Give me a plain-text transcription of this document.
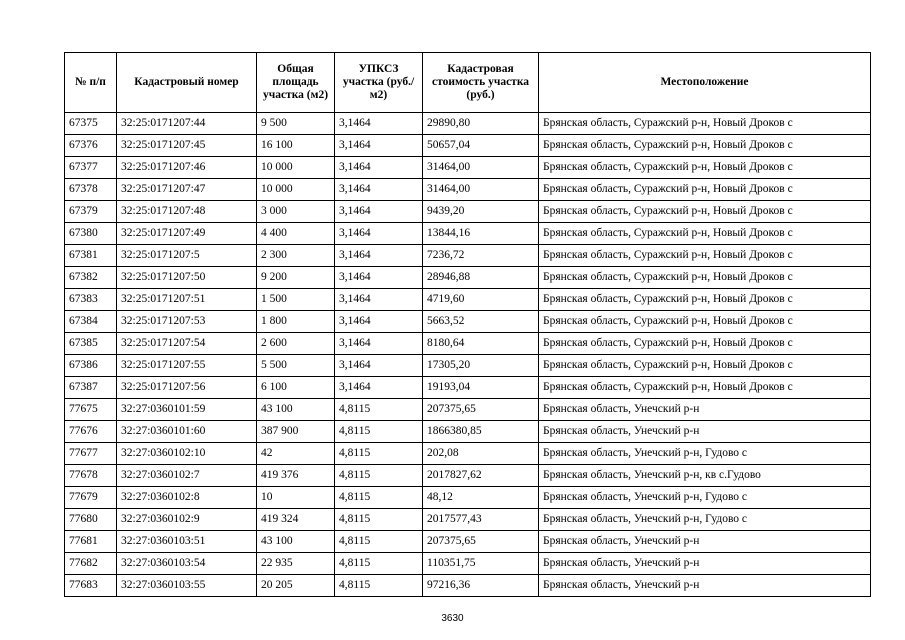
№ п/п	Кадастровый номер	Общая площадь участка (м2)	УПКСЗ участка (руб./м2)	Кадастровая стоимость участка (руб.)	Местоположение
67375	32:25:0171207:44	9 500	3,1464	29890,80	Брянская область, Суражский р-н, Новый Дроков с
67376	32:25:0171207:45	16 100	3,1464	50657,04	Брянская область, Суражский р-н, Новый Дроков с
67377	32:25:0171207:46	10 000	3,1464	31464,00	Брянская область, Суражский р-н, Новый Дроков с
67378	32:25:0171207:47	10 000	3,1464	31464,00	Брянская область, Суражский р-н, Новый Дроков с
67379	32:25:0171207:48	3 000	3,1464	9439,20	Брянская область, Суражский р-н, Новый Дроков с
67380	32:25:0171207:49	4 400	3,1464	13844,16	Брянская область, Суражский р-н, Новый Дроков с
67381	32:25:0171207:5	2 300	3,1464	7236,72	Брянская область, Суражский р-н, Новый Дроков с
67382	32:25:0171207:50	9 200	3,1464	28946,88	Брянская область, Суражский р-н, Новый Дроков с
67383	32:25:0171207:51	1 500	3,1464	4719,60	Брянская область, Суражский р-н, Новый Дроков с
67384	32:25:0171207:53	1 800	3,1464	5663,52	Брянская область, Суражский р-н, Новый Дроков с
67385	32:25:0171207:54	2 600	3,1464	8180,64	Брянская область, Суражский р-н, Новый Дроков с
67386	32:25:0171207:55	5 500	3,1464	17305,20	Брянская область, Суражский р-н, Новый Дроков с
67387	32:25:0171207:56	6 100	3,1464	19193,04	Брянская область, Суражский р-н, Новый Дроков с
77675	32:27:0360101:59	43 100	4,8115	207375,65	Брянская область, Унечский р-н
77676	32:27:0360101:60	387 900	4,8115	1866380,85	Брянская область, Унечский р-н
77677	32:27:0360102:10	42	4,8115	202,08	Брянская область, Унечский р-н, Гудово с
77678	32:27:0360102:7	419 376	4,8115	2017827,62	Брянская область, Унечский р-н, кв с.Гудово
77679	32:27:0360102:8	10	4,8115	48,12	Брянская область, Унечский р-н, Гудово с
77680	32:27:0360102:9	419 324	4,8115	2017577,43	Брянская область, Унечский р-н, Гудово с
77681	32:27:0360103:51	43 100	4,8115	207375,65	Брянская область, Унечский р-н
77682	32:27:0360103:54	22 935	4,8115	110351,75	Брянская область, Унечский р-н
77683	32:27:0360103:55	20 205	4,8115	97216,36	Брянская область, Унечский р-н
3630
